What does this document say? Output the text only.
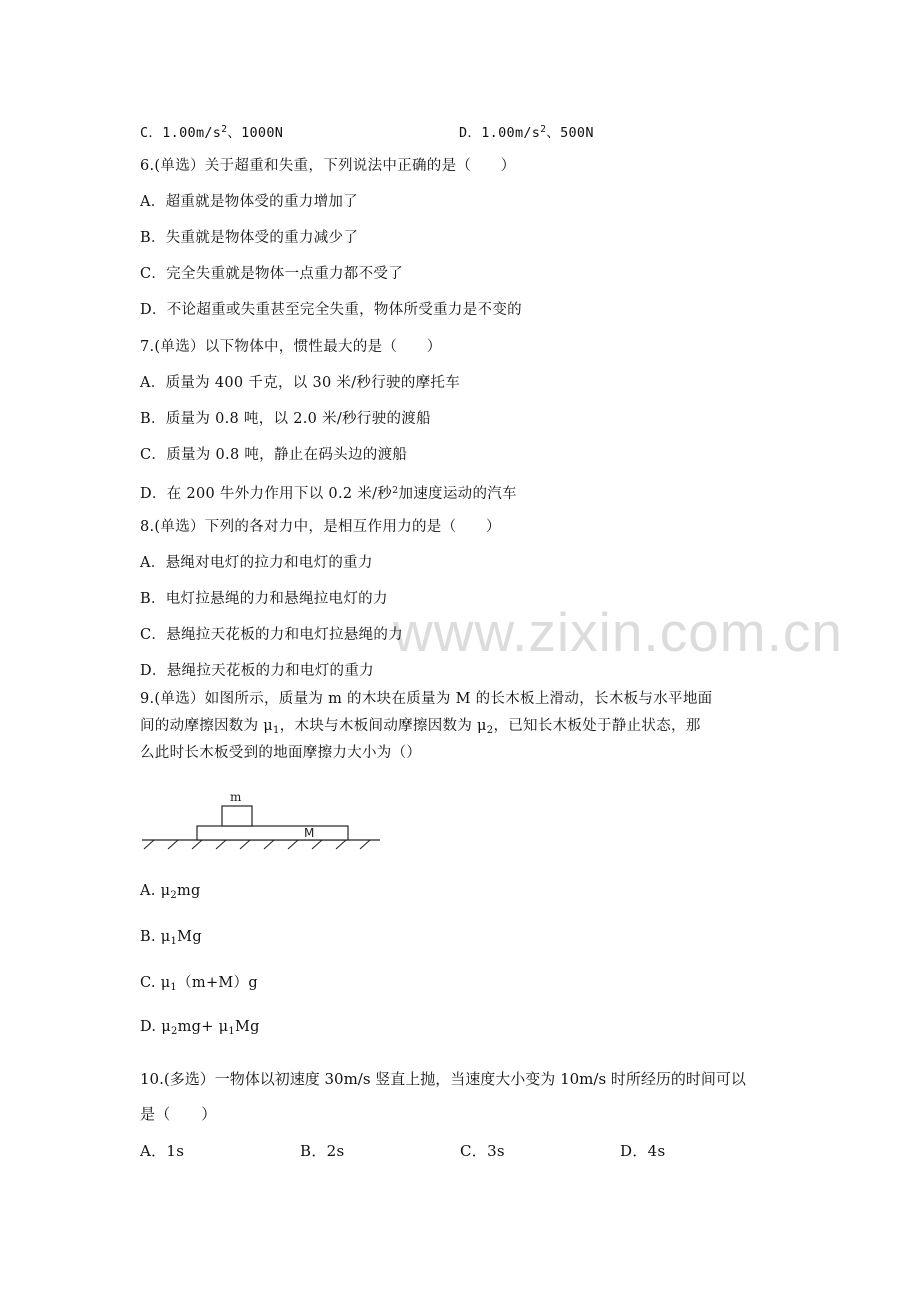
www.zixin.com.cn
C．$1.00m/s^2$、1000N	D．$1.00m/s^2$、500N
6.(单选）关于超重和失重，下列说法中正确的是（　　）
A．超重就是物体受的重力增加了
B．失重就是物体受的重力减少了
C．完全失重就是物体一点重力都不受了
D．不论超重或失重甚至完全失重，物体所受重力是不变的
7.(单选）以下物体中，惯性最大的是（　　）
A．质量为 400 千克，以 30 米/秒行驶的摩托车
B．质量为 0.8 吨，以 2.0 米/秒行驶的渡船
C．质量为 0.8 吨，静止在码头边的渡船
D．在 200 牛外力作用下以 0.2 米/秒$^2$加速度运动的汽车
8.(单选）下列的各对力中，是相互作用力的是（　　）
A．悬绳对电灯的拉力和电灯的重力
B．电灯拉悬绳的力和悬绳拉电灯的力
C．悬绳拉天花板的力和电灯拉悬绳的力
D．悬绳拉天花板的力和电灯的重力
9.(单选）如图所示，质量为 m 的木块在质量为 M 的长木板上滑动，长木板与水平地面
间的动摩擦因数为 $\mu_1$，木块与木板间动摩擦因数为 $\mu_2$，已知长木板处于静止状态，那
么此时长木板受到的地面摩擦力大小为（）
m
M
A. $\mu_2mg$
B. $\mu_1Mg$
C. $\mu_1(m+M)g$
D. $\mu_2mg+ \mu_1Mg$
10.(多选）一物体以初速度 30m/s 竖直上抛，当速度大小变为 10m/s 时所经历的时间可以
是（　　）
A．1s	B．2s	C．3s	D．4s
